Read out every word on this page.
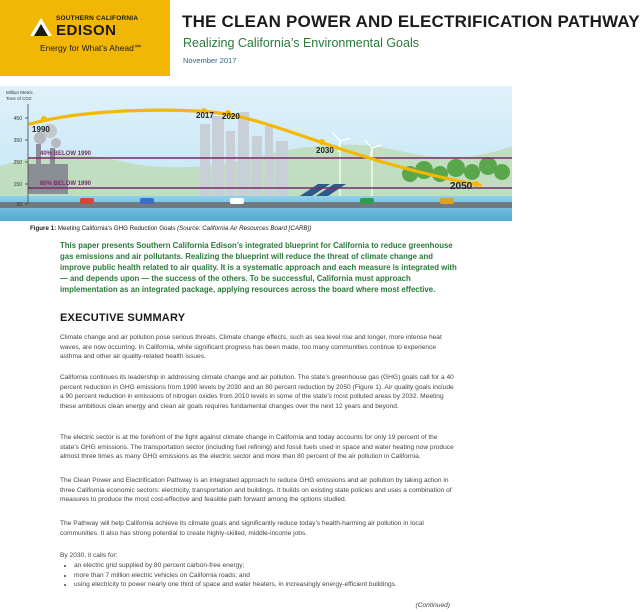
SOUTHERN CALIFORNIA
EDISON
Energy for What’s Ahead℠
THE CLEAN POWER AND ELECTRIFICATION PATHWAY
Realizing California’s Environmental Goals
November 2017
Million Metric
Tons of CO2
450
350
250
150
50
1990
2017 2020
2030
2050
40% BELOW 1990
80% BELOW 1990
Figure 1: Meeting California’s GHG Reduction Goals (Source: California Air Resources Board [CARB])
This paper presents Southern California Edison’s integrated blueprint for California to reduce greenhouse gas emissions and air pollutants. Realizing the blueprint will reduce the threat of climate change and improve public health related to air quality. It is a systematic approach and each measure is integrated with — and depends upon — the success of the others. To be successful, California must approach implementation as an integrated package, applying resources across the board where most effective.
EXECUTIVE SUMMARY
Climate change and air pollution pose serious threats. Climate change effects, such as sea level rise and longer, more intense heat waves, are now occurring. In California, while significant progress has been made, too many communities continue to experience asthma and other air quality-related health issues.
California continues its leadership in addressing climate change and air pollution. The state’s greenhouse gas (GHG) goals call for a 40 percent reduction in GHG emissions from 1990 levels by 2030 and an 80 percent reduction by 2050 (Figure 1). Air quality goals include a 90 percent reduction in emissions of nitrogen oxides from 2010 levels in some of the state’s most polluted areas by 2032. Meeting these ambitious clean energy and clean air goals requires fundamental changes over the next 12 years and beyond.
The electric sector is at the forefront of the fight against climate change in California and today accounts for only 19 percent of the state’s GHG emissions. The transportation sector (including fuel refining) and fossil fuels used in space and water heating now produce almost three times as many GHG emissions as the electric sector and more than 80 percent of the air pollution in California.
The Clean Power and Electrification Pathway is an integrated approach to reduce GHG emissions and air pollution by taking action in three California economic sectors: electricity, transportation and buildings. It builds on existing state policies and uses a combination of measures to produce the most cost-effective and feasible path forward among the options studied.
The Pathway will help California achieve its climate goals and significantly reduce today’s health-harming air pollution in local communities. It also has strong potential to create highly-skilled, middle-income jobs.
By 2030, it calls for:
• an electric grid supplied by 80 percent carbon-free energy;
• more than 7 million electric vehicles on California roads; and
• using electricity to power nearly one third of space and water heaters, in increasingly energy-efficient buildings.
(Continued)
